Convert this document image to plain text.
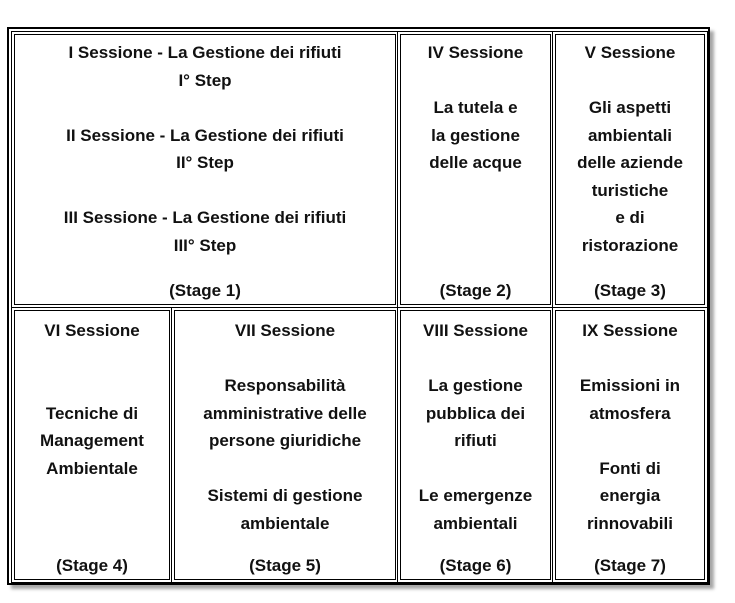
I Sessione - La Gestione dei rifiuti
I° Step
II Sessione - La Gestione dei rifiuti
II° Step
III Sessione - La Gestione dei rifiuti
III° Step
(Stage 1)
IV Sessione
La tutela e
la gestione
delle acque
(Stage 2)
V Sessione
Gli aspetti
ambientali
delle aziende
turistiche
e di
ristorazione
(Stage 3)
VI Sessione
Tecniche di
Management
Ambientale
(Stage 4)
VII Sessione
Responsabilità
amministrative delle
persone giuridiche
Sistemi di gestione
ambientale
(Stage 5)
VIII Sessione
La gestione
pubblica dei
rifiuti
Le emergenze
ambientali
(Stage 6)
IX Sessione
Emissioni in
atmosfera
Fonti di
energia
rinnovabili
(Stage 7)
